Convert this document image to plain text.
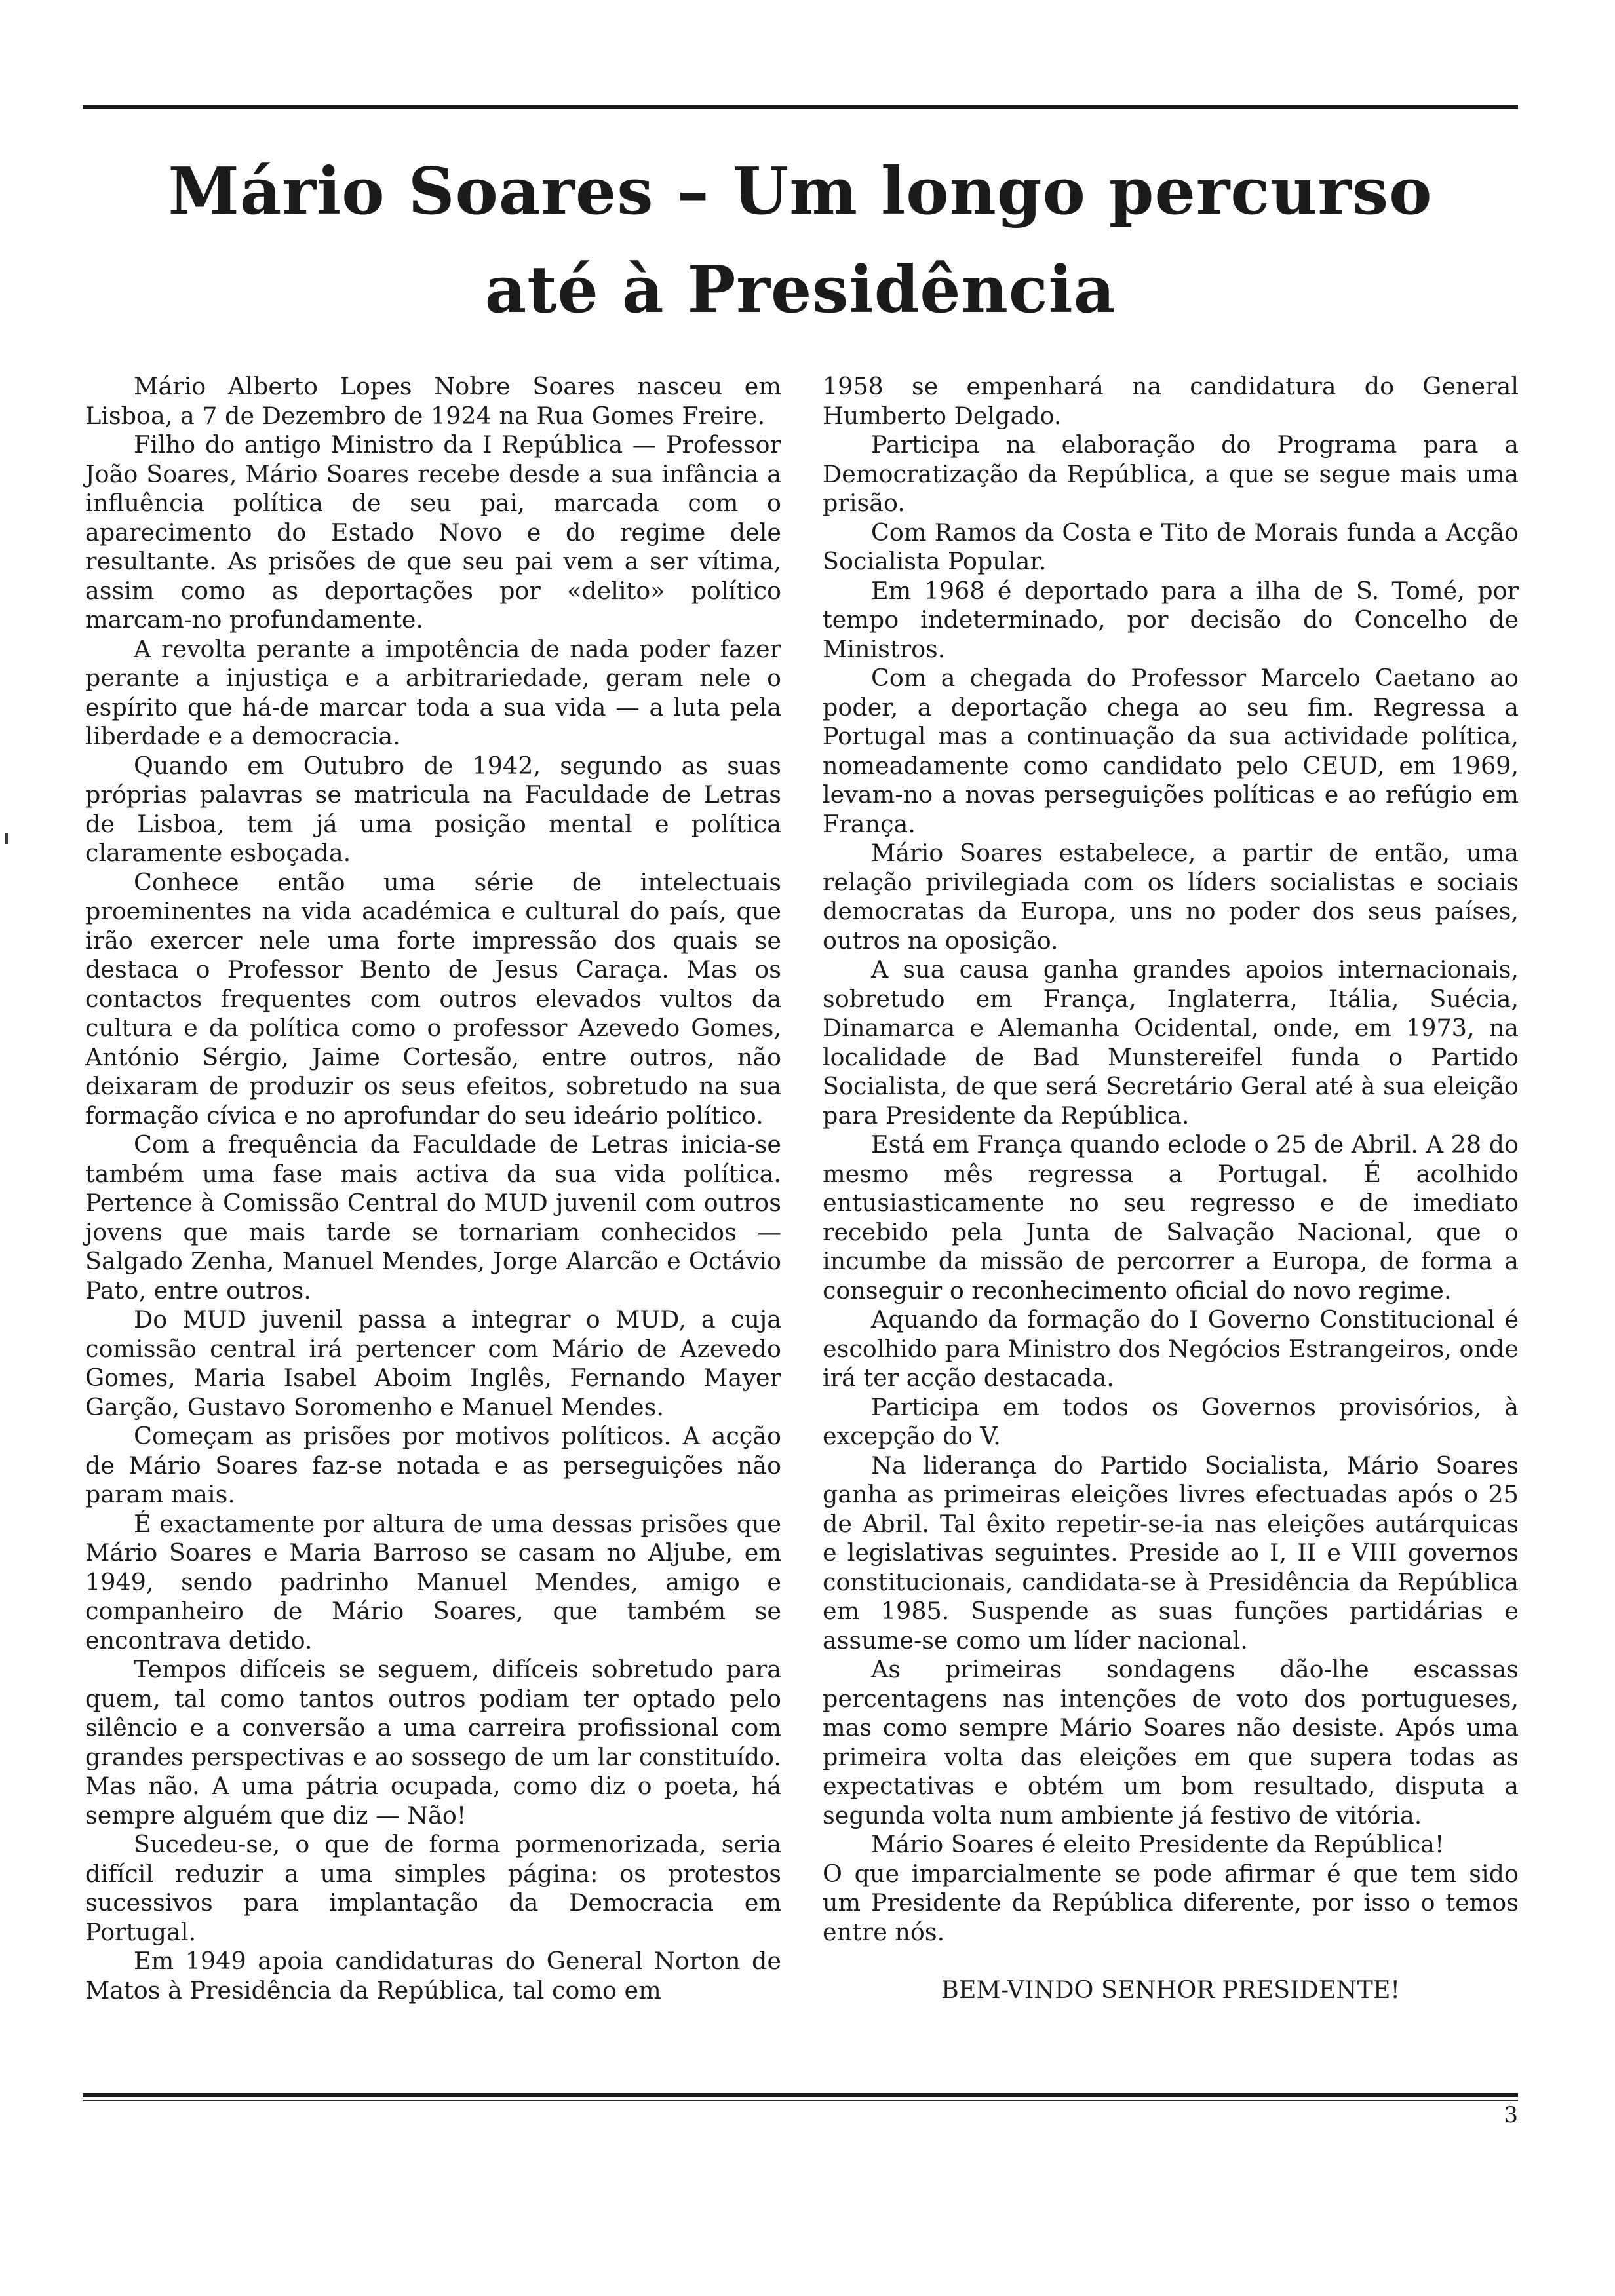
Mário Soares – Um longo percurso
até à Presidência

Mário Alberto Lopes Nobre Soares nasceu em Lisboa, a 7 de Dezembro de 1924 na Rua Gomes Freire.

Filho do antigo Ministro da I República — Professor João Soares, Mário Soares recebe desde a sua infância a influência política de seu pai, marcada com o aparecimento do Estado Novo e do regime dele resultante. As prisões de que seu pai vem a ser vítima, assim como as deportações por «delito» político marcam-no profundamente.

A revolta perante a impotência de nada poder fazer perante a injustiça e a arbitrariedade, geram nele o espírito que há-de marcar toda a sua vida — a luta pela liberdade e a democracia.

Quando em Outubro de 1942, segundo as suas próprias palavras se matricula na Faculdade de Letras de Lisboa, tem já uma posição mental e política claramente esboçada.

Conhece então uma série de intelectuais proeminentes na vida académica e cultural do país, que irão exercer nele uma forte impressão dos quais se destaca o Professor Bento de Jesus Caraça. Mas os contactos frequentes com outros elevados vultos da cultura e da política como o professor Azevedo Gomes, António Sérgio, Jaime Cortesão, entre outros, não deixaram de produzir os seus efeitos, sobretudo na sua formação cívica e no aprofundar do seu ideário político.

Com a frequência da Faculdade de Letras inicia-se também uma fase mais activa da sua vida política. Pertence à Comissão Central do MUD juvenil com outros jovens que mais tarde se tornariam conhecidos — Salgado Zenha, Manuel Mendes, Jorge Alarcão e Octávio Pato, entre outros.

Do MUD juvenil passa a integrar o MUD, a cuja comissão central irá pertencer com Mário de Azevedo Gomes, Maria Isabel Aboim Inglês, Fernando Mayer Garção, Gustavo Soromenho e Manuel Mendes.

Começam as prisões por motivos políticos. A acção de Mário Soares faz-se notada e as perseguições não param mais.

É exactamente por altura de uma dessas prisões que Mário Soares e Maria Barroso se casam no Aljube, em 1949, sendo padrinho Manuel Mendes, amigo e companheiro de Mário Soares, que também se encontrava detido.

Tempos difíceis se seguem, difíceis sobretudo para quem, tal como tantos outros podiam ter optado pelo silêncio e a conversão a uma carreira profissional com grandes perspectivas e ao sossego de um lar constituído. Mas não. A uma pátria ocupada, como diz o poeta, há sempre alguém que diz — Não!

Sucedeu-se, o que de forma pormenorizada, seria difícil reduzir a uma simples página: os protestos sucessivos para implantação da Democracia em Portugal.

Em 1949 apoia candidaturas do General Norton de Matos à Presidência da República, tal como em

1958 se empenhará na candidatura do General Humberto Delgado.

Participa na elaboração do Programa para a Democratização da República, a que se segue mais uma prisão.

Com Ramos da Costa e Tito de Morais funda a Acção Socialista Popular.

Em 1968 é deportado para a ilha de S. Tomé, por tempo indeterminado, por decisão do Concelho de Ministros.

Com a chegada do Professor Marcelo Caetano ao poder, a deportação chega ao seu fim. Regressa a Portugal mas a continuação da sua actividade política, nomeadamente como candidato pelo CEUD, em 1969, levam-no a novas perseguições políticas e ao refúgio em França.

Mário Soares estabelece, a partir de então, uma relação privilegiada com os líders socialistas e sociais democratas da Europa, uns no poder dos seus países, outros na oposição.

A sua causa ganha grandes apoios internacionais, sobretudo em França, Inglaterra, Itália, Suécia, Dinamarca e Alemanha Ocidental, onde, em 1973, na localidade de Bad Munstereifel funda o Partido Socialista, de que será Secretário Geral até à sua eleição para Presidente da República.

Está em França quando eclode o 25 de Abril. A 28 do mesmo mês regressa a Portugal. É acolhido entusiasticamente no seu regresso e de imediato recebido pela Junta de Salvação Nacional, que o incumbe da missão de percorrer a Europa, de forma a conseguir o reconhecimento oficial do novo regime.

Aquando da formação do I Governo Constitucional é escolhido para Ministro dos Negócios Estrangeiros, onde irá ter acção destacada.

Participa em todos os Governos provisórios, à excepção do V.

Na liderança do Partido Socialista, Mário Soares ganha as primeiras eleições livres efectuadas após o 25 de Abril. Tal êxito repetir-se-ia nas eleições autárquicas e legislativas seguintes. Preside ao I, II e VIII governos constitucionais, candidata-se à Presidência da República em 1985. Suspende as suas funções partidárias e assume-se como um líder nacional.

As primeiras sondagens dão-lhe escassas percentagens nas intenções de voto dos portugueses, mas como sempre Mário Soares não desiste. Após uma primeira volta das eleições em que supera todas as expectativas e obtém um bom resultado, disputa a segunda volta num ambiente já festivo de vitória.

Mário Soares é eleito Presidente da República!

O que imparcialmente se pode afirmar é que tem sido um Presidente da República diferente, por isso o temos entre nós.

BEM-VINDO SENHOR PRESIDENTE!

3
